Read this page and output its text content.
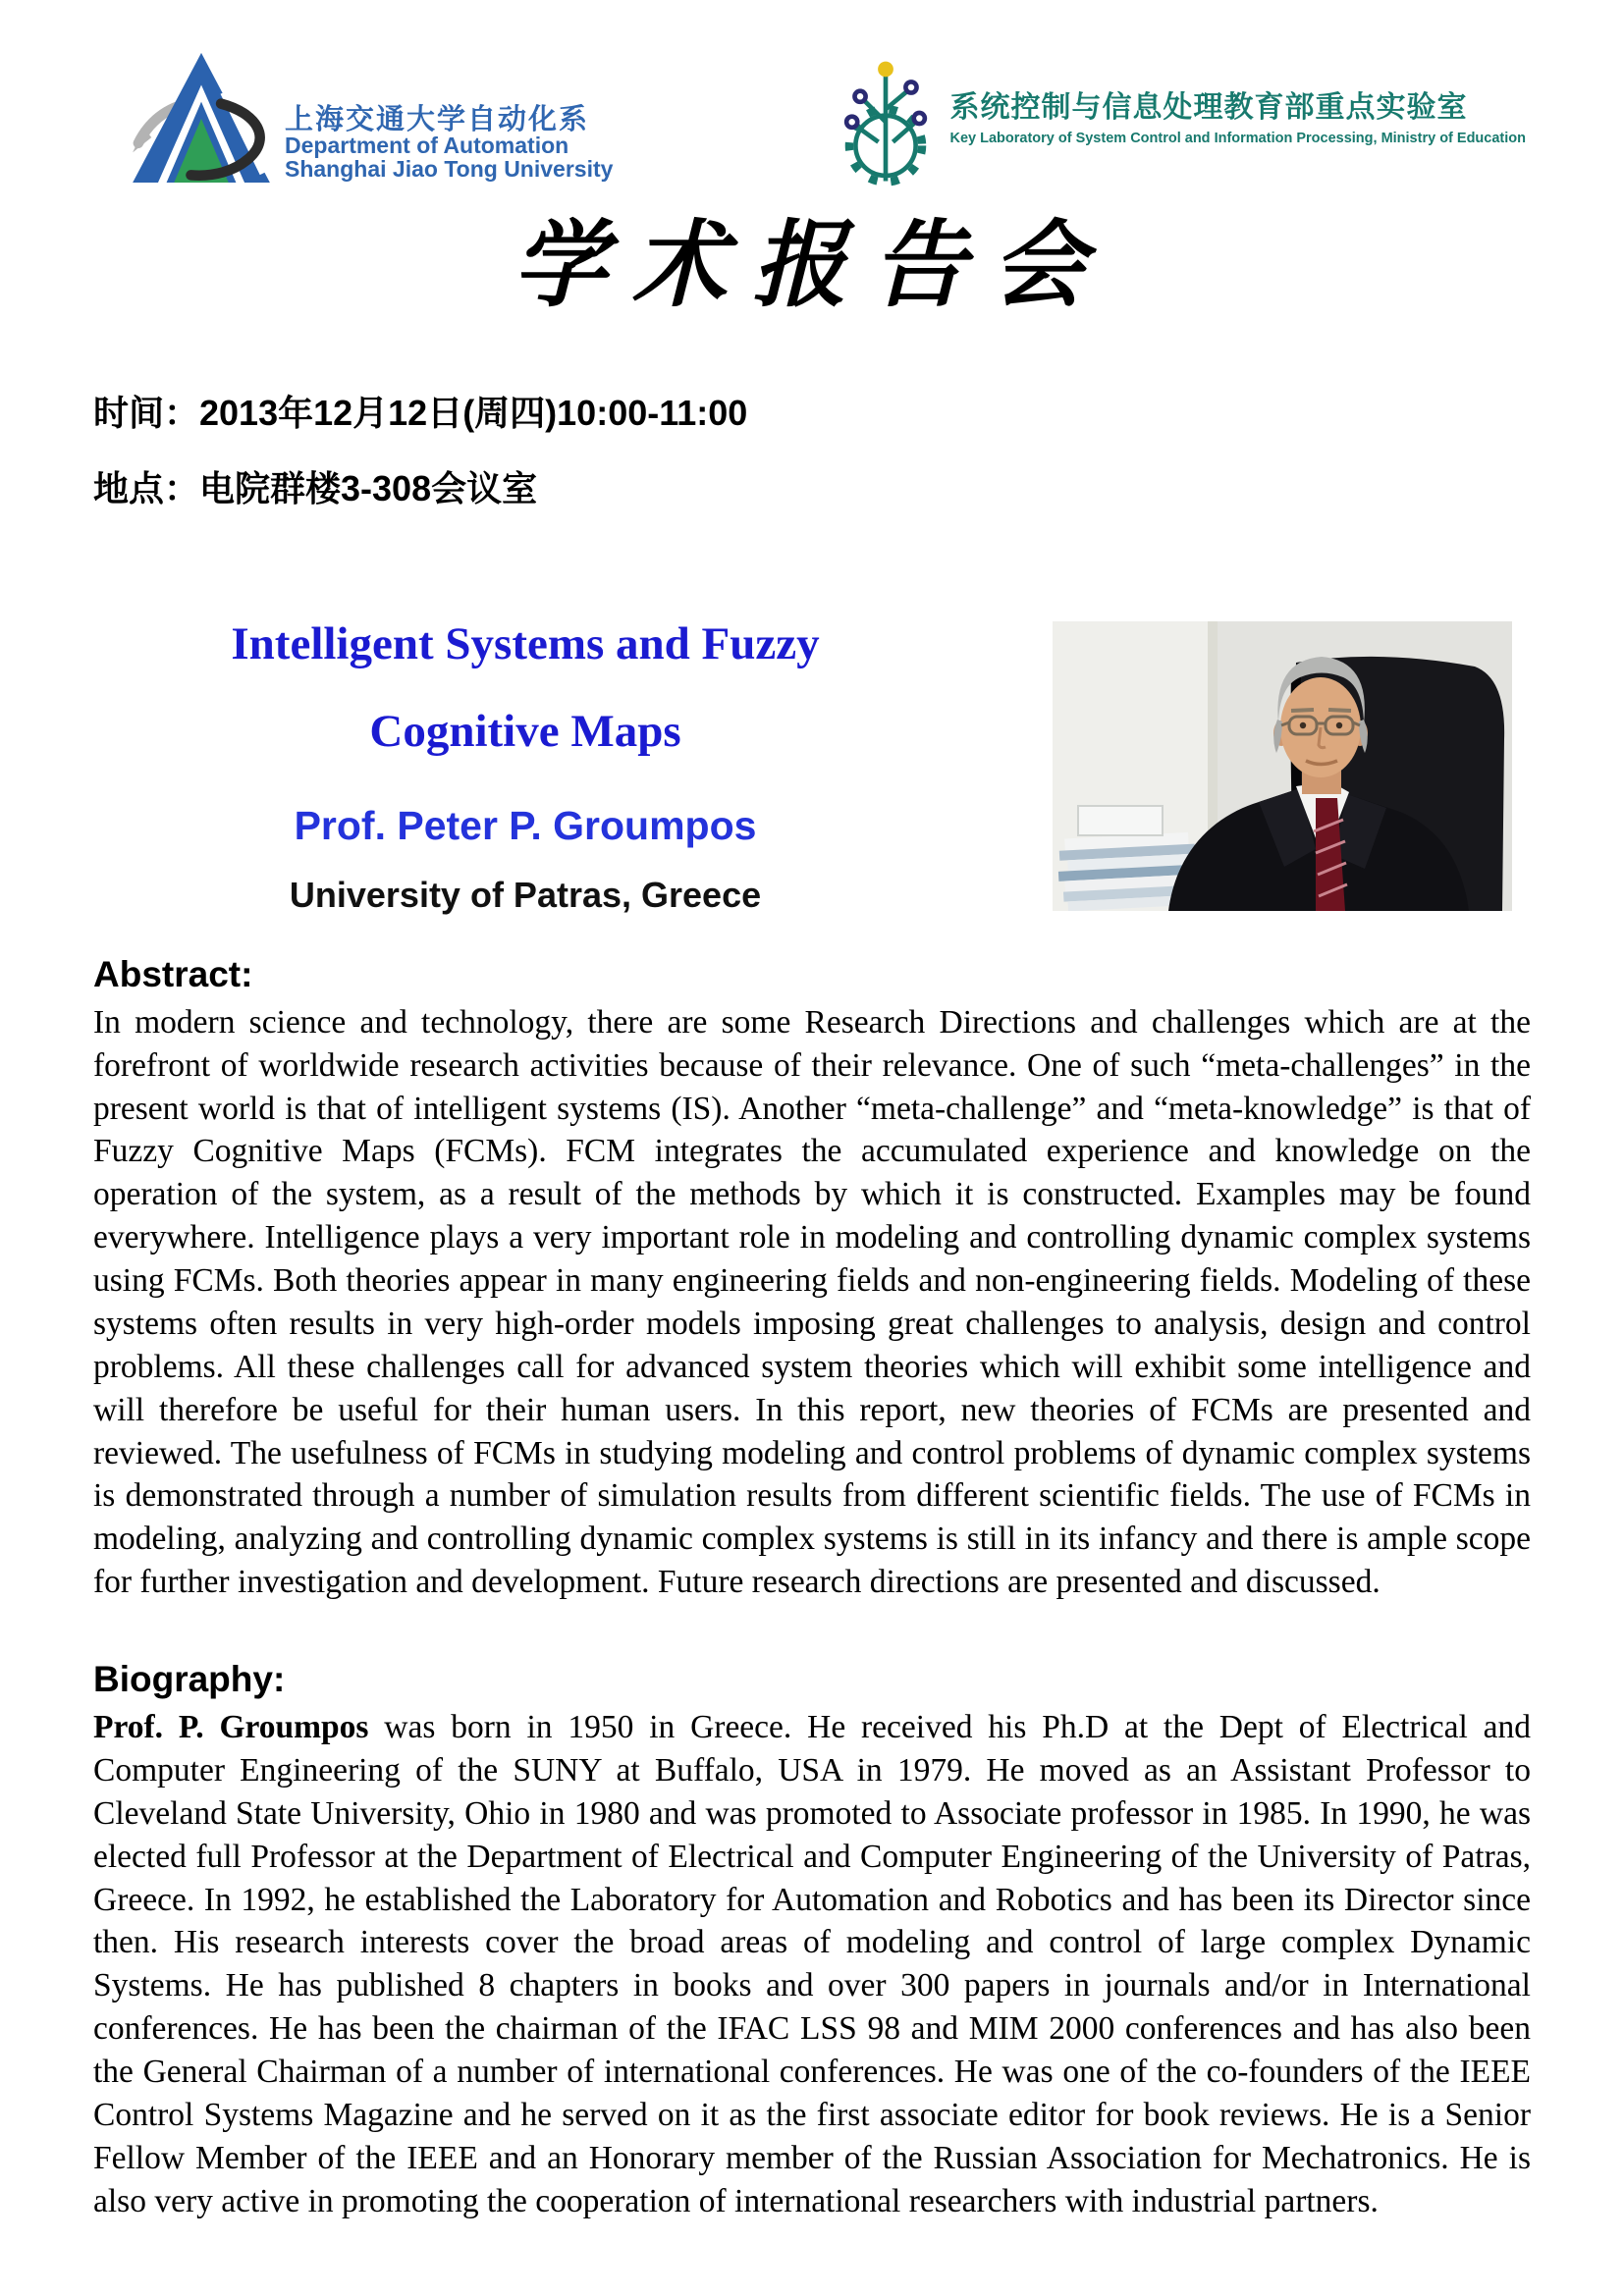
上海交通大学自动化系
Department of Automation
Shanghai Jiao Tong University
系统控制与信息处理教育部重点实验室
Key Laboratory of System Control and Information Processing, Ministry of Education
学术报告会

时间：2013年12月12日(周四)10:00-11:00

地点：电院群楼3-308会议室

Intelligent Systems and Fuzzy
Cognitive Maps
Prof. Peter P. Groumpos
University of Patras, Greece
Abstract:

In modern science and technology, there are some Research Directions and challenges which are at the forefront of worldwide research activities because of their relevance. One of such “meta-challenges” in the present world is that of intelligent systems (IS). Another “meta-challenge” and “meta-knowledge” is that of Fuzzy Cognitive Maps (FCMs). FCM integrates the accumulated experience and knowledge on the operation of the system, as a result of the methods by which it is constructed. Examples may be found everywhere. Intelligence plays a very important role in modeling and controlling dynamic complex systems using FCMs. Both theories appear in many engineering fields and non-engineering fields. Modeling of these systems often results in very high-order models imposing great challenges to analysis, design and control problems. All these challenges call for advanced system theories which will exhibit some intelligence and will therefore be useful for their human users. In this report, new theories of FCMs are presented and reviewed. The usefulness of FCMs in studying modeling and control problems of dynamic complex systems is demonstrated through a number of simulation results from different scientific fields. The use of FCMs in modeling, analyzing and controlling dynamic complex systems is still in its infancy and there is ample scope for further investigation and development. Future research directions are presented and discussed.

Biography:

Prof. P. Groumpos was born in 1950 in Greece. He received his Ph.D at the Dept of Electrical and Computer Engineering of the SUNY at Buffalo, USA in 1979. He moved as an Assistant Professor to Cleveland State University, Ohio in 1980 and was promoted to Associate professor in 1985. In 1990, he was elected full Professor at the Department of Electrical and Computer Engineering of the University of Patras, Greece. In 1992, he established the Laboratory for Automation and Robotics and has been its Director since then. His research interests cover the broad areas of modeling and control of large complex Dynamic Systems. He has published 8 chapters in books and over 300 papers in journals and/or in International conferences. He has been the chairman of the IFAC LSS 98 and MIM 2000 conferences and has also been the General Chairman of a number of international conferences. He was one of the co-founders of the IEEE Control Systems Magazine and he served on it as the first associate editor for book reviews. He is a Senior Fellow Member of the IEEE and an Honorary member of the Russian Association for Mechatronics. He is also very active in promoting the cooperation of international researchers with industrial partners.
